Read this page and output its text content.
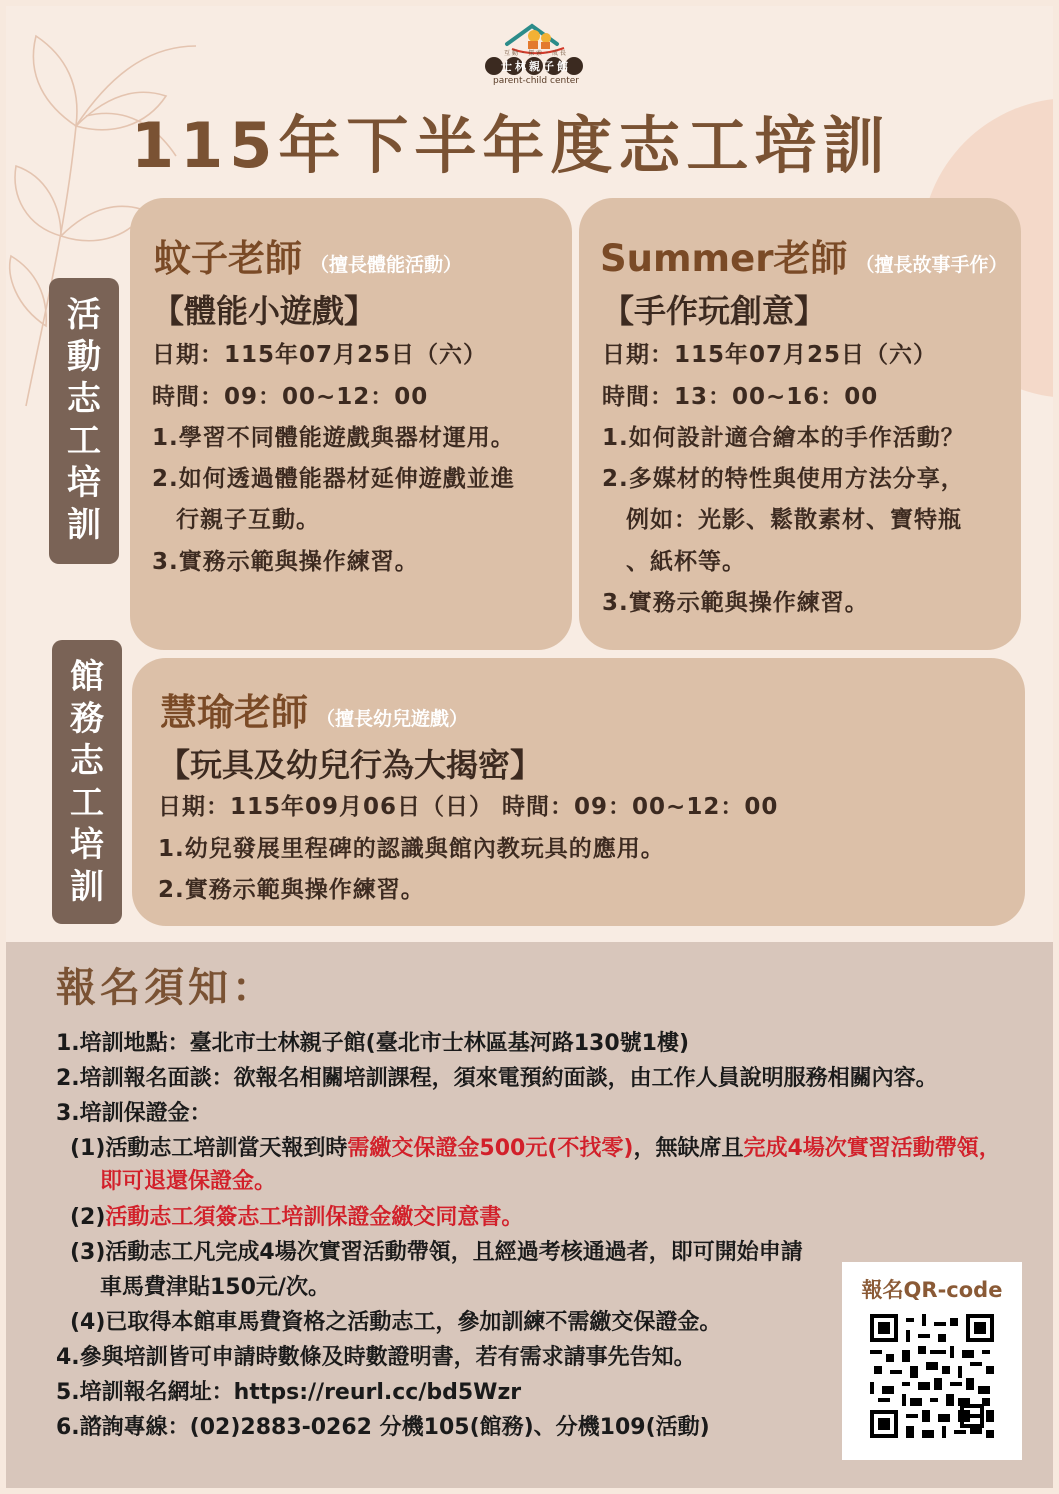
互動・探索・成長
士林親子館
parent-child center
115年下半年度志工培訓
活
動
志
工
培
訓
館
務
志
工
培
訓
蚊子老師 （擅長體能活動）
【體能小遊戲】
日期：115年07月25日（六）
時間：09：00~12：00
1.學習不同體能遊戲與器材運用。
2.如何透過體能器材延伸遊戲並進
　行親子互動。
3.實務示範與操作練習。
Summer老師 （擅長故事手作）
【手作玩創意】
日期：115年07月25日（六）
時間：13：00~16：00
1.如何設計適合繪本的手作活動？
2.多媒材的特性與使用方法分享，
　例如：光影、鬆散素材、寶特瓶
　、紙杯等。
3.實務示範與操作練習。
慧瑜老師 （擅長幼兒遊戲）
【玩具及幼兒行為大揭密】
日期：115年09月06日（日） 時間：09：00~12：00
1.幼兒發展里程碑的認識與館內教玩具的應用。
2.實務示範與操作練習。
報名須知：
1.培訓地點：臺北市士林親子館(臺北市士林區基河路130號1樓)
2.培訓報名面談：欲報名相關培訓課程，須來電預約面談，由工作人員說明服務相關內容。
3.培訓保證金：
(1)活動志工培訓當天報到時需繳交保證金500元(不找零)，無缺席且完成4場次實習活動帶領，
即可退還保證金。
(2)活動志工須簽志工培訓保證金繳交同意書。
(3)活動志工凡完成4場次實習活動帶領，且經過考核通過者，即可開始申請
車馬費津貼150元/次。
(4)已取得本館車馬費資格之活動志工，參加訓練不需繳交保證金。
4.參與培訓皆可申請時數條及時數證明書，若有需求請事先告知。
5.培訓報名網址：https://reurl.cc/bd5Wzr
6.諮詢專線：(02)2883-0262 分機105(館務)、分機109(活動)
報名QR-code
